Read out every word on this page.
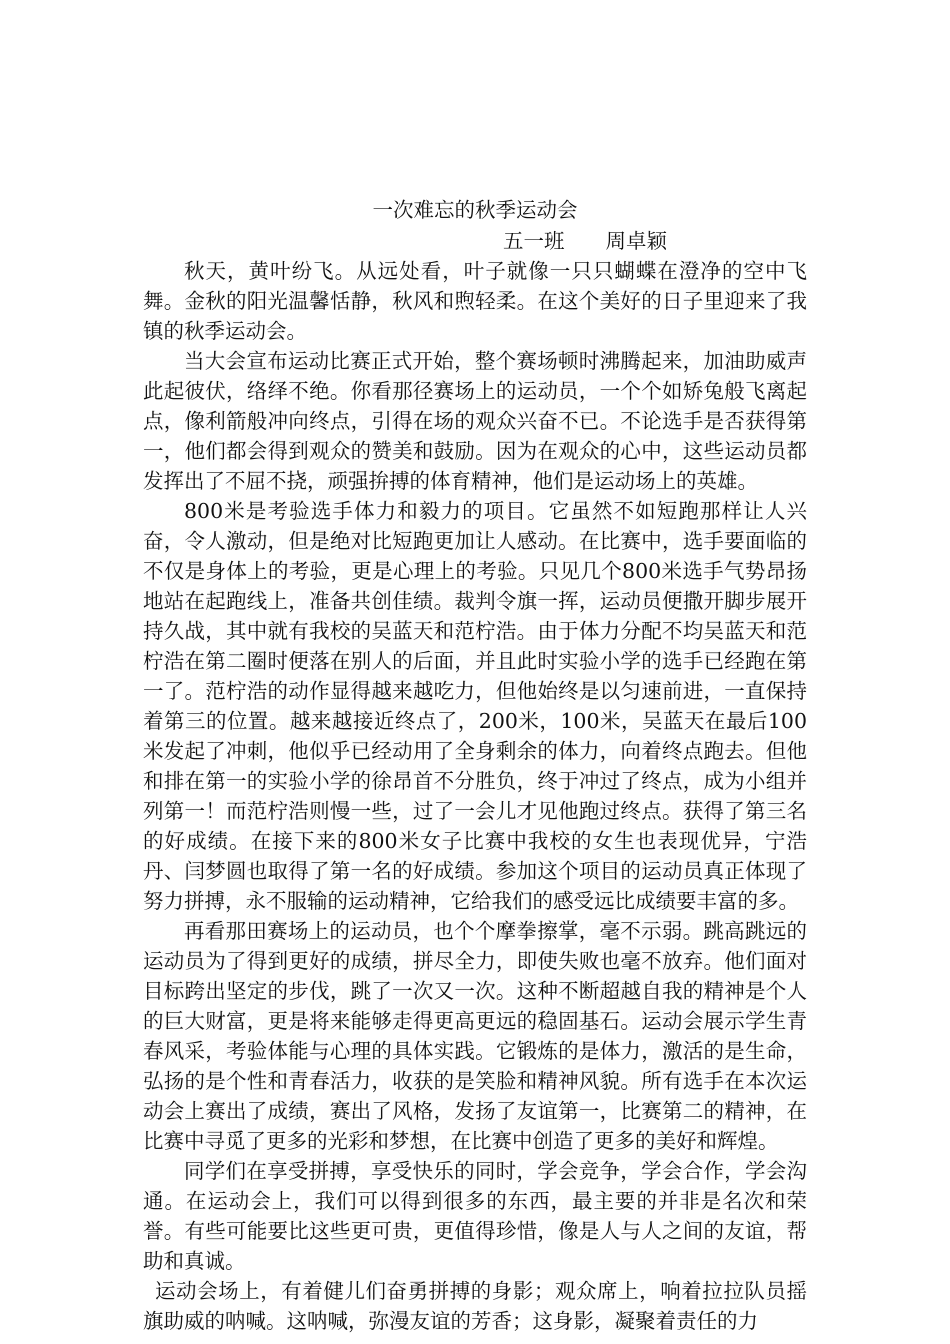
一次难忘的秋季运动会

五一班　　周卓颖

秋天，黄叶纷飞。从远处看，叶子就像一只只蝴蝶在澄净的空中飞舞。金秋的阳光温馨恬静，秋风和煦轻柔。在这个美好的日子里迎来了我镇的秋季运动会。

当大会宣布运动比赛正式开始，整个赛场顿时沸腾起来，加油助威声此起彼伏，络绎不绝。你看那径赛场上的运动员，一个个如矫兔般飞离起点，像利箭般冲向终点，引得在场的观众兴奋不已。不论选手是否获得第一，他们都会得到观众的赞美和鼓励。因为在观众的心中，这些运动员都发挥出了不屈不挠，顽强拚搏的体育精神，他们是运动场上的英雄。

800米是考验选手体力和毅力的项目。它虽然不如短跑那样让人兴奋，令人激动，但是绝对比短跑更加让人感动。在比赛中，选手要面临的不仅是身体上的考验，更是心理上的考验。只见几个800米选手气势昂扬地站在起跑线上，准备共创佳绩。裁判令旗一挥，运动员便撒开脚步展开持久战，其中就有我校的吴蓝天和范柠浩。由于体力分配不均吴蓝天和范柠浩在第二圈时便落在别人的后面，并且此时实验小学的选手已经跑在第一了。范柠浩的动作显得越来越吃力，但他始终是以匀速前进，一直保持着第三的位置。越来越接近终点了，200米，100米，吴蓝天在最后100米发起了冲刺，他似乎已经动用了全身剩余的体力，向着终点跑去。但他和排在第一的实验小学的徐昂首不分胜负，终于冲过了终点，成为小组并列第一！而范柠浩则慢一些，过了一会儿才见他跑过终点。获得了第三名的好成绩。在接下来的800米女子比赛中我校的女生也表现优异，宁浩丹、闫梦圆也取得了第一名的好成绩。参加这个项目的运动员真正体现了努力拼搏，永不服输的运动精神，它给我们的感受远比成绩要丰富的多。

再看那田赛场上的运动员，也个个摩拳擦掌，毫不示弱。跳高跳远的运动员为了得到更好的成绩，拼尽全力，即使失败也毫不放弃。他们面对目标跨出坚定的步伐，跳了一次又一次。这种不断超越自我的精神是个人的巨大财富，更是将来能够走得更高更远的稳固基石。运动会展示学生青春风采，考验体能与心理的具体实践。它锻炼的是体力，激活的是生命，弘扬的是个性和青春活力，收获的是笑脸和精神风貌。所有选手在本次运动会上赛出了成绩，赛出了风格，发扬了友谊第一，比赛第二的精神，在比赛中寻觅了更多的光彩和梦想，在比赛中创造了更多的美好和辉煌。

同学们在享受拼搏，享受快乐的同时，学会竞争，学会合作，学会沟通。在运动会上，我们可以得到很多的东西，最主要的并非是名次和荣誉。有些可能要比这些更可贵，更值得珍惜，像是人与人之间的友谊，帮助和真诚。

运动会场上，有着健儿们奋勇拼搏的身影；观众席上，响着拉拉队员摇旗助威的呐喊。这呐喊，弥漫友谊的芳香；这身影，凝聚着责任的力
